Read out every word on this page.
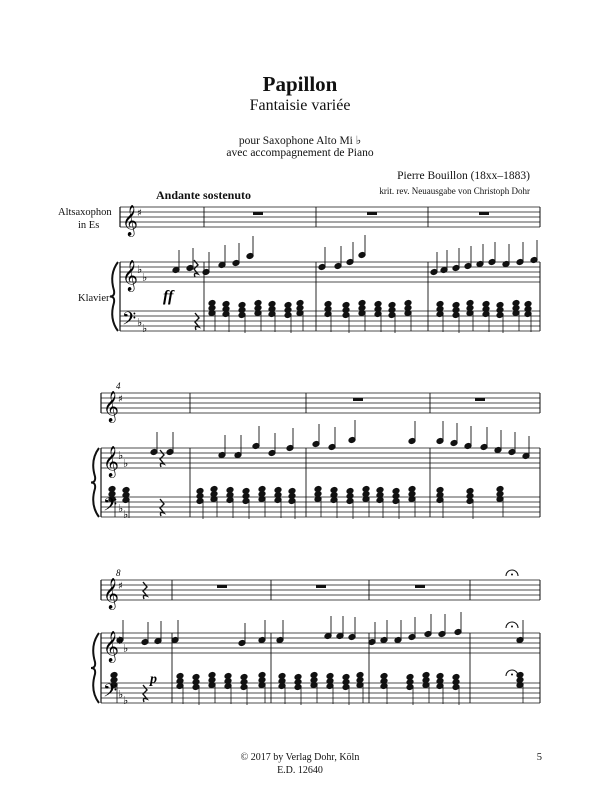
Papillon
Fantaisie variée
pour Saxophone Alto Mi ♭
avec accompagnement de Piano
Pierre Bouillon (18xx–1883)
krit. rev. Neuausgabe von Christoph Dohr
Andante sostenuto
Altsaxophon
in Es
Klavier
𝄞
𝄞
𝄢
♯
♭
♭
♭ ♭
𝄞
𝄞
𝄢
♯
♭
♭
♭ ♭
𝄞
𝄞
𝄢
♯
♭
♭
♭ ♭
ff
p
4
8
© 2017 by Verlag Dohr, Köln
E.D. 12640
5
